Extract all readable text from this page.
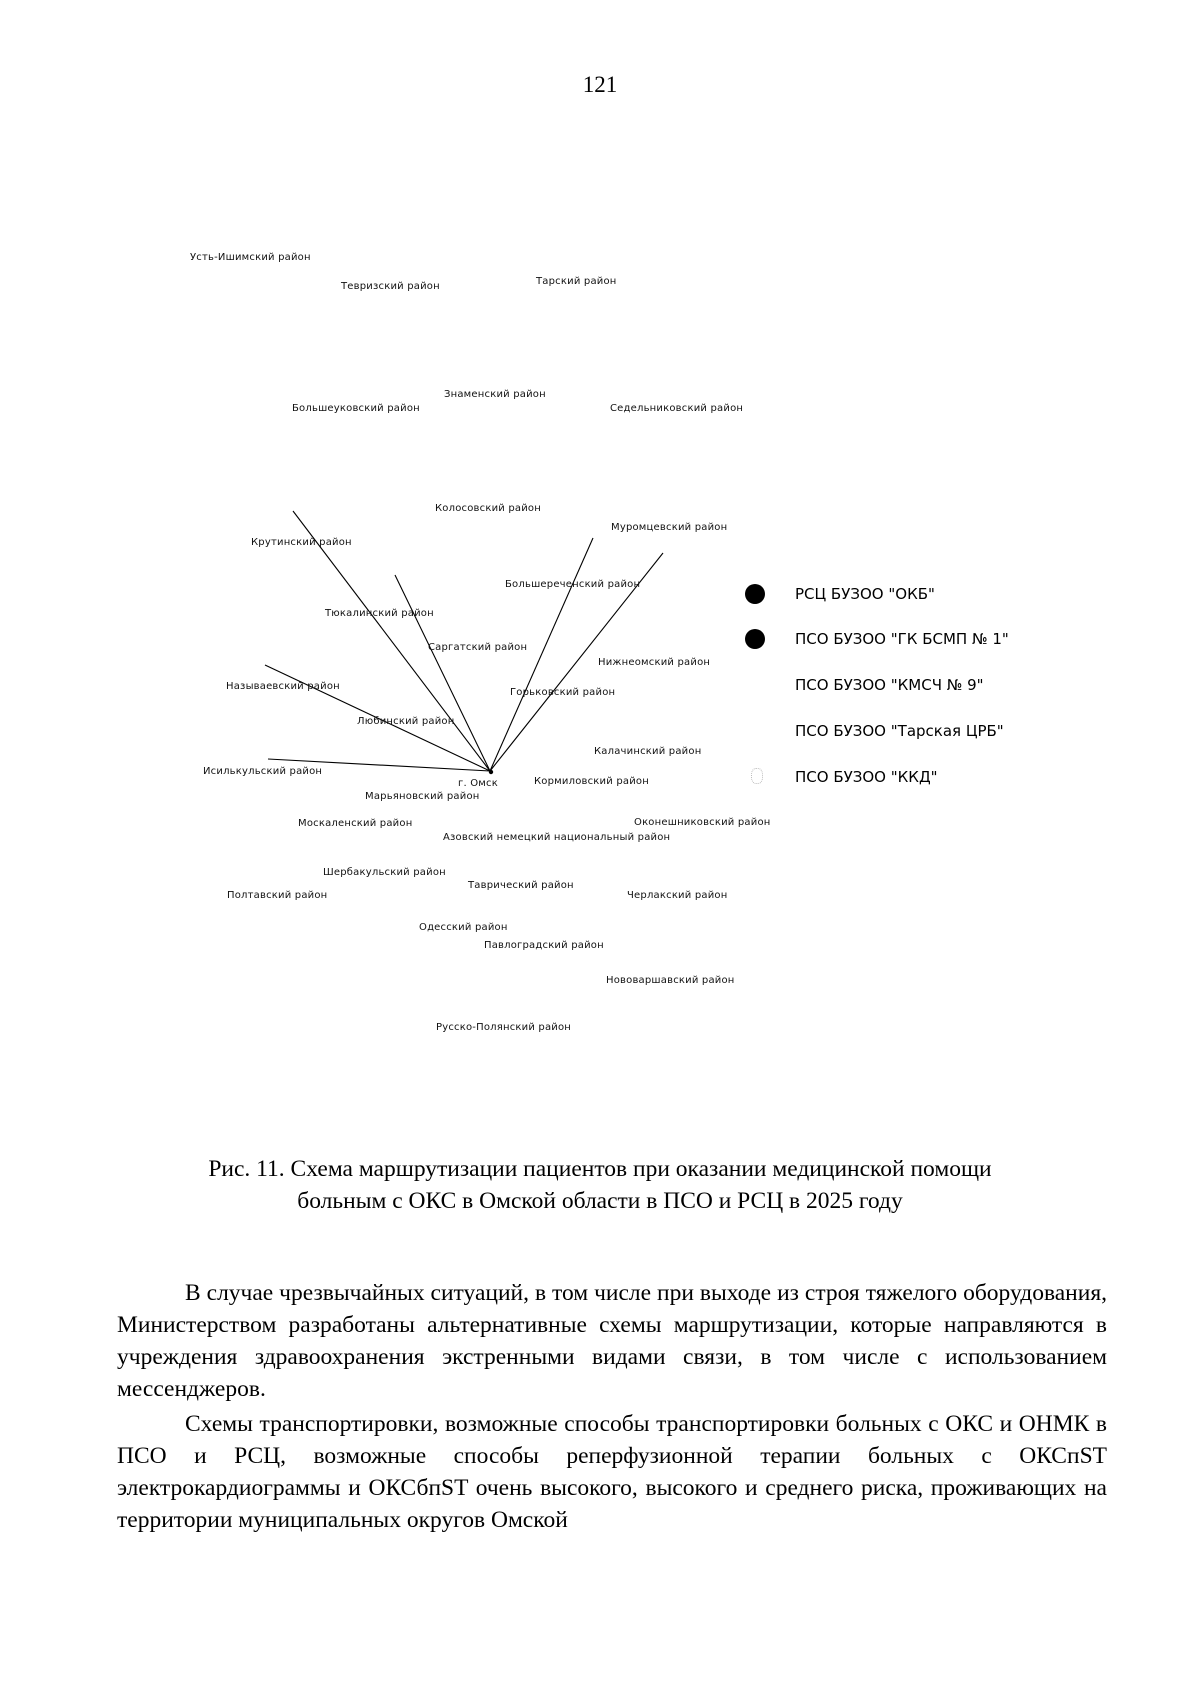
121
Усть-Ишимский район
Тевризский район	Тарский район
Знаменский район
Большеуковский район	Седельниковский район
Колосовский район
Муромцевский район
Крутинский район
Большереченский район
Тюкалинский район
Саргатский район
Нижнеомский район
Называевский район
Горьковский район
Любинский район
Калачинский район
Исилькульский район
г. Омск	Кормиловский район
Марьяновский район
Москаленский район	Оконешниковский район
Азовский немецкий национальный район
Шербакульский район
Таврический район
Полтавский район	Черлакский район
Одесский район
Павлоградский район
Нововаршавский район
Русско-Полянский район
РСЦ БУЗОО "ОКБ"
ПСО БУЗОО "ГК БСМП № 1"
ПСО БУЗОО "КМСЧ № 9"
ПСО БУЗОО "Тарская ЦРБ"
ПСО БУЗОО "ККД"
Рис. 11. Схема маршрутизации пациентов при оказании медицинской помощи
больным с ОКС в Омской области в ПСО и РСЦ в 2025 году

В случае чрезвычайных ситуаций, в том числе при выходе из строя тяжелого оборудования, Министерством разработаны альтернативные схемы маршрутизации, которые направляются в учреждения здравоохранения экстренными видами связи, в том числе с использованием мессенджеров.

Схемы транспортировки, возможные способы транспортировки больных с ОКС и ОНМК в ПСО и РСЦ, возможные способы реперфузионной терапии больных с ОКСпST электрокардиограммы и ОКСбпST очень высокого, высокого и среднего риска, проживающих на территории муниципальных округов Омской
